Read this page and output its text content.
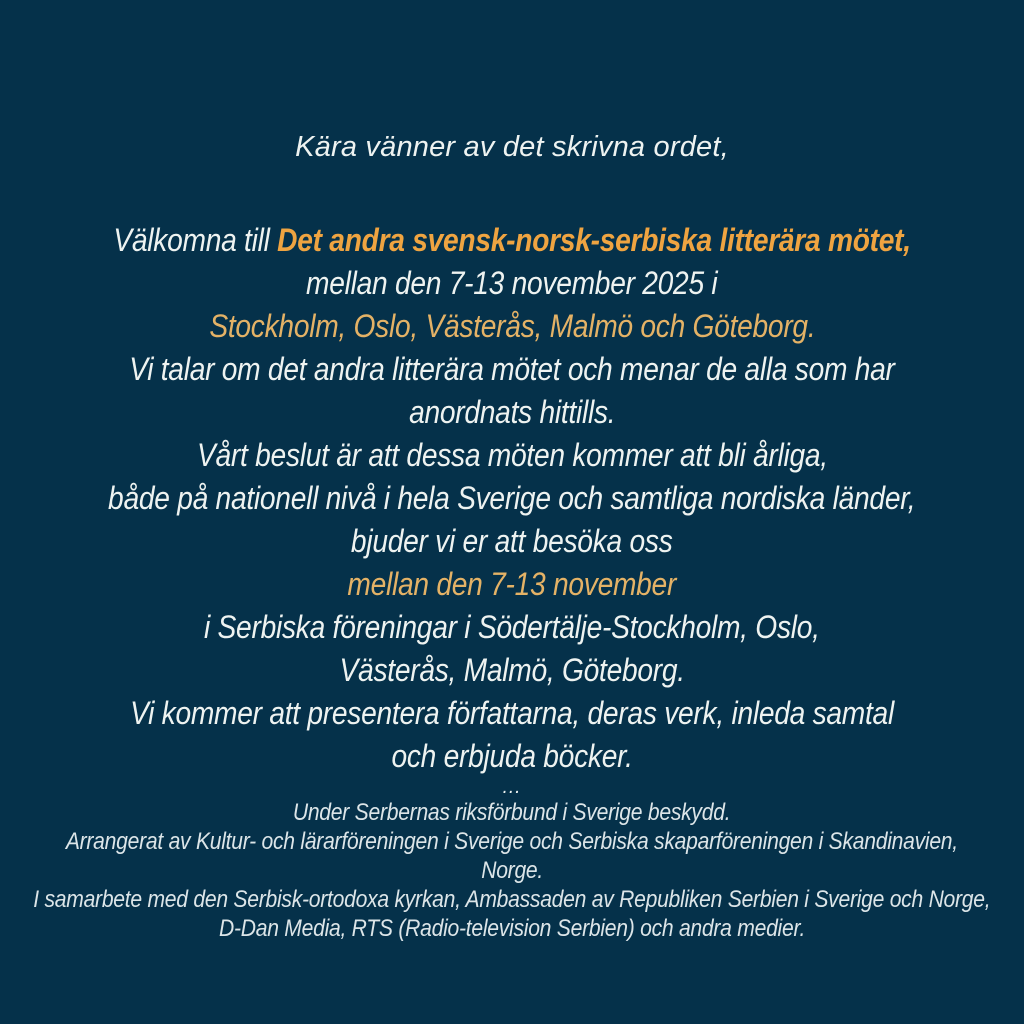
Kära vänner av det skrivna ordet,
Välkomna till Det andra svensk-norsk-serbiska litterära mötet,
mellan den 7-13 november 2025 i
Stockholm, Oslo, Västerås, Malmö och Göteborg.
Vi talar om det andra litterära mötet och menar de alla som har
anordnats hittills.
Vårt beslut är att dessa möten kommer att bli årliga,
både på nationell nivå i hela Sverige och samtliga nordiska länder,
bjuder vi er att besöka oss
mellan den 7-13 november
i Serbiska föreningar i Södertälje-Stockholm, Oslo,
Västerås, Malmö, Göteborg.
Vi kommer att presentera författarna, deras verk, inleda samtal
och erbjuda böcker.
...
Under Serbernas riksförbund i Sverige beskydd.
Arrangerat av Kultur- och lärarföreningen i Sverige och Serbiska skaparföreningen i Skandinavien,
Norge.
I samarbete med den Serbisk-ortodoxa kyrkan, Ambassaden av Republiken Serbien i Sverige och Norge,
D-Dan Media, RTS (Radio-television Serbien) och andra medier.
